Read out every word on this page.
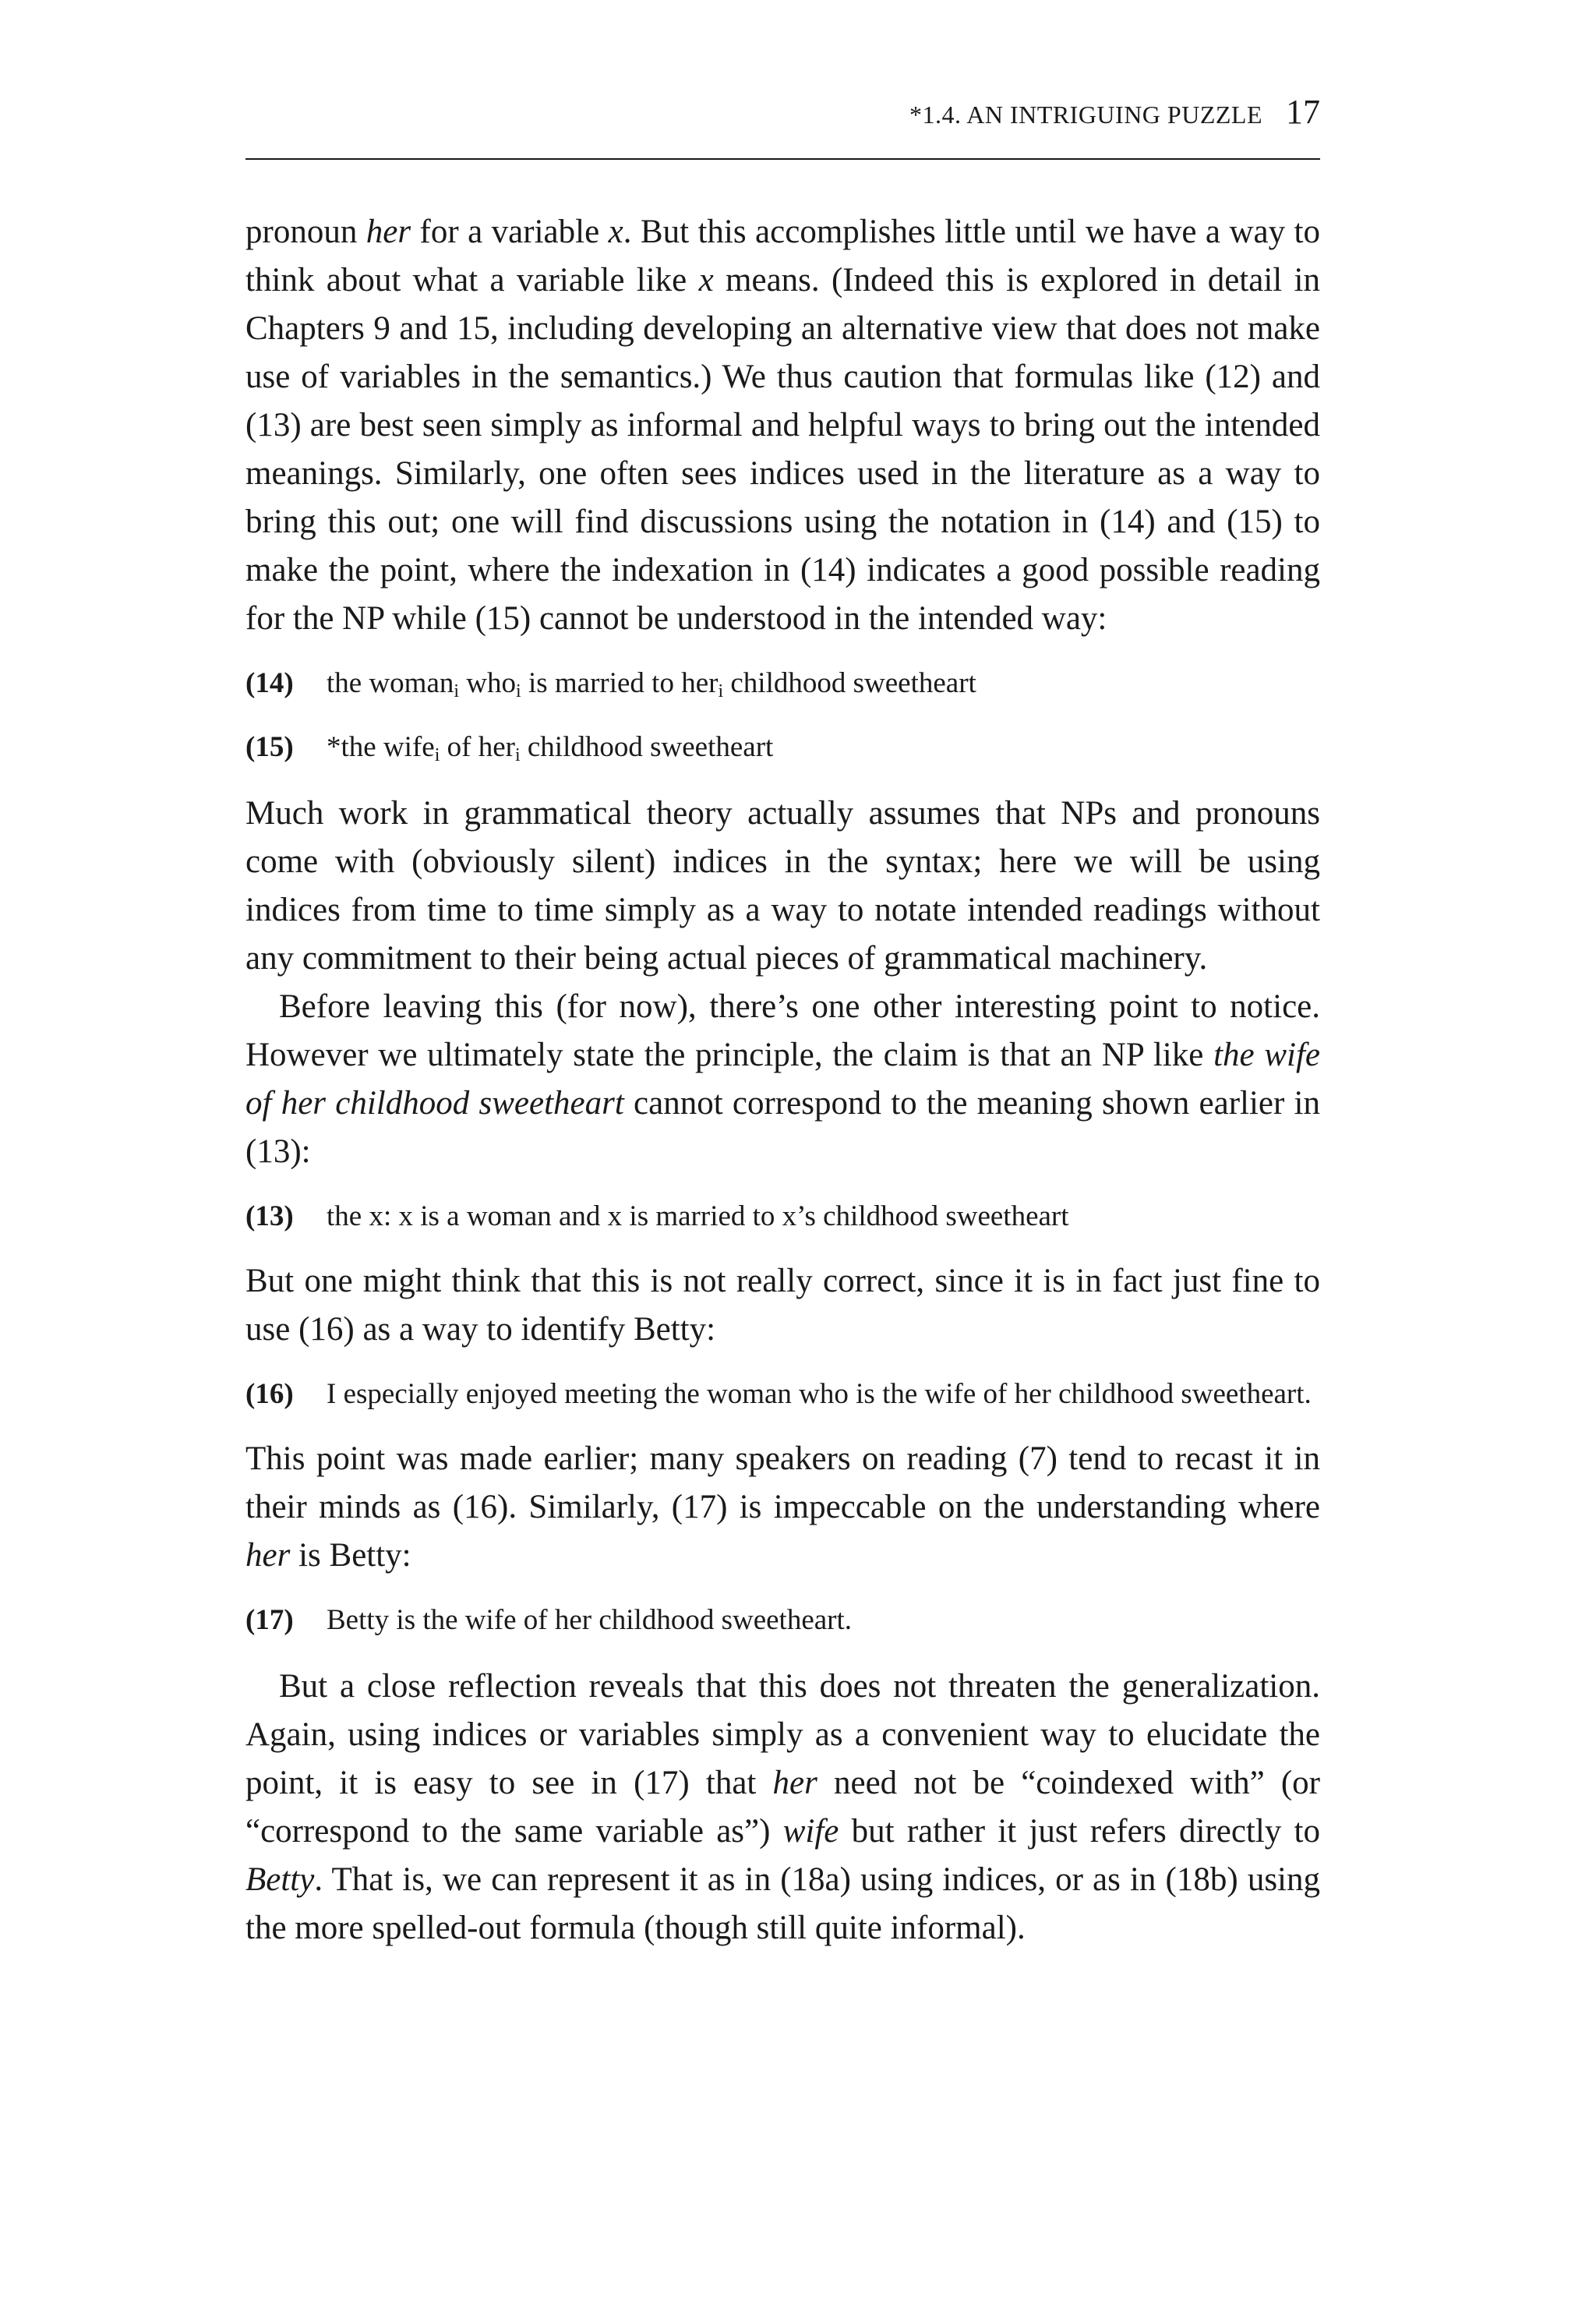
*1.4. AN INTRIGUING PUZZLE 17

pronoun her for a variable x. But this accomplishes little until we have a way to think about what a variable like x means. (Indeed this is explored in detail in Chapters 9 and 15, including developing an alternative view that does not make use of variables in the semantics.) We thus caution that formulas like (12) and (13) are best seen simply as informal and helpful ways to bring out the intended meanings. Similarly, one often sees indices used in the literature as a way to bring this out; one will find discussions using the notation in (14) and (15) to make the point, where the indexation in (14) indicates a good possible reading for the NP while (15) cannot be understood in the intended way:

(14)	the woman$_i$ who$_i$ is married to her$_i$ childhood sweetheart
(15)	*the wife$_i$ of her$_i$ childhood sweetheart

Much work in grammatical theory actually assumes that NPs and pronouns come with (obviously silent) indices in the syntax; here we will be using indices from time to time simply as a way to notate intended readings without any commitment to their being actual pieces of grammatical machinery.

Before leaving this (for now), there’s one other interesting point to notice. However we ultimately state the principle, the claim is that an NP like the wife of her childhood sweetheart cannot correspond to the meaning shown earlier in (13):

(13)	the x: x is a woman and x is married to x’s childhood sweetheart

But one might think that this is not really correct, since it is in fact just fine to use (16) as a way to identify Betty:

(16)	I especially enjoyed meeting the woman who is the wife of her childhood sweetheart.

This point was made earlier; many speakers on reading (7) tend to recast it in their minds as (16). Similarly, (17) is impeccable on the understanding where her is Betty:

(17)	Betty is the wife of her childhood sweetheart.

But a close reflection reveals that this does not threaten the generalization. Again, using indices or variables simply as a convenient way to elucidate the point, it is easy to see in (17) that her need not be “coindexed with” (or “correspond to the same variable as”) wife but rather it just refers directly to Betty. That is, we can represent it as in (18a) using indices, or as in (18b) using the more spelled-out formula (though still quite informal).
